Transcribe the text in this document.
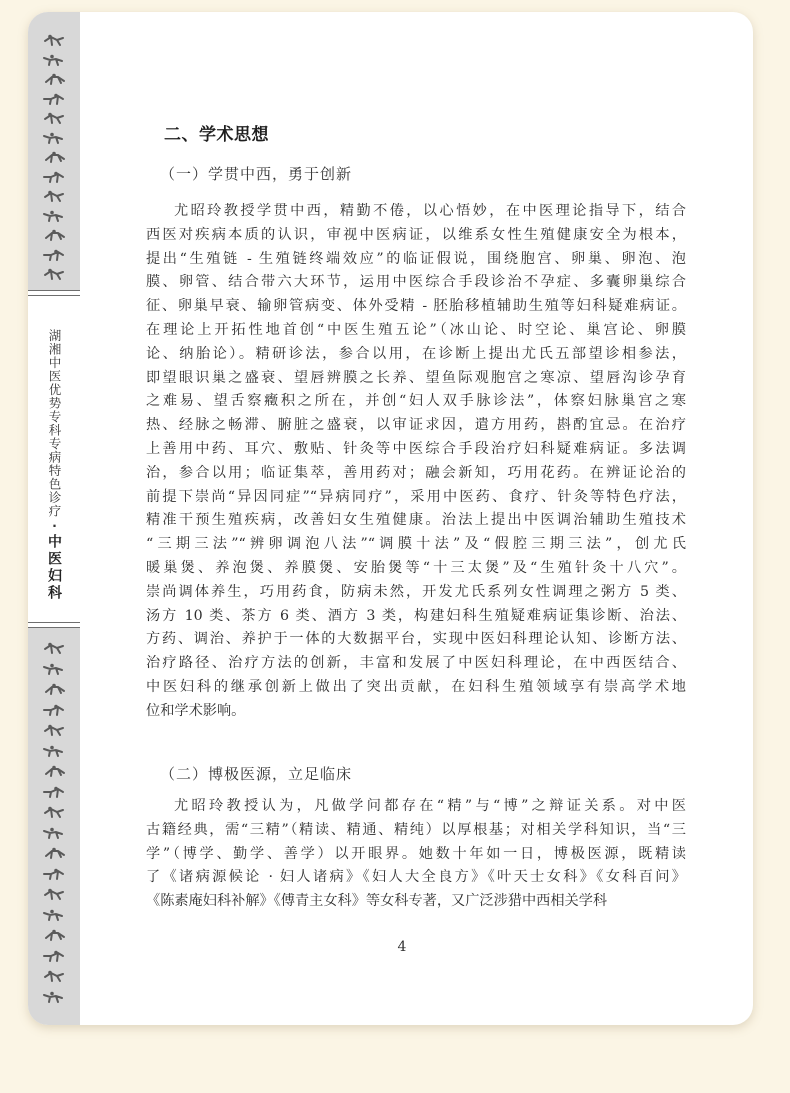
湖湘中医优势专科专病特色诊疗·中医妇科
二、学术思想
（一）学贯中西，勇于创新
尤昭玲教授学贯中西，精勤不倦，以心悟妙，在中医理论指导下，结合
西医对疾病本质的认识，审视中医病证，以维系女性生殖健康安全为根本，
提出“生殖链 - 生殖链终端效应”的临证假说，围绕胞宫、卵巢、卵泡、泡
膜、卵管、结合带六大环节，运用中医综合手段诊治不孕症、多囊卵巢综合
征、卵巢早衰、输卵管病变、体外受精 - 胚胎移植辅助生殖等妇科疑难病证。
在理论上开拓性地首创“中医生殖五论”（冰山论、时空论、巢宫论、卵膜
论、纳胎论）。精研诊法，参合以用，在诊断上提出尤氏五部望诊相参法，
即望眼识巢之盛衰、望唇辨膜之长养、望鱼际观胞宫之寒凉、望唇沟诊孕育
之难易、望舌察癥积之所在，并创“妇人双手脉诊法”，体察妇脉巢宫之寒
热、经脉之畅滞、腑脏之盛衰，以审证求因，遣方用药，斟酌宜忌。在治疗
上善用中药、耳穴、敷贴、针灸等中医综合手段治疗妇科疑难病证。多法调
治，参合以用；临证集萃，善用药对；融会新知，巧用花药。在辨证论治的
前提下崇尚“异因同症”“异病同疗”，采用中医药、食疗、针灸等特色疗法，
精准干预生殖疾病，改善妇女生殖健康。治法上提出中医调治辅助生殖技术
“三期三法”“辨卵调泡八法”“调膜十法”及“假腔三期三法”，创尤氏
暖巢煲、养泡煲、养膜煲、安胎煲等“十三太煲”及“生殖针灸十八穴”。
崇尚调体养生，巧用药食，防病未然，开发尤氏系列女性调理之粥方 5 类、
汤方 10 类、茶方 6 类、酒方 3 类，构建妇科生殖疑难病证集诊断、治法、
方药、调治、养护于一体的大数据平台，实现中医妇科理论认知、诊断方法、
治疗路径、治疗方法的创新，丰富和发展了中医妇科理论，在中西医结合、
中医妇科的继承创新上做出了突出贡献，在妇科生殖领域享有崇高学术地
位和学术影响。
（二）博极医源，立足临床
尤昭玲教授认为，凡做学问都存在“精”与“博”之辩证关系。对中医
古籍经典，需“三精”（精读、精通、精纯）以厚根基；对相关学科知识，当“三
学”（博学、勤学、善学）以开眼界。她数十年如一日，博极医源，既精读
了《诸病源候论 · 妇人诸病》《妇人大全良方》《叶天士女科》《女科百问》
《陈素庵妇科补解》《傅青主女科》等女科专著，又广泛涉猎中西相关学科
4
